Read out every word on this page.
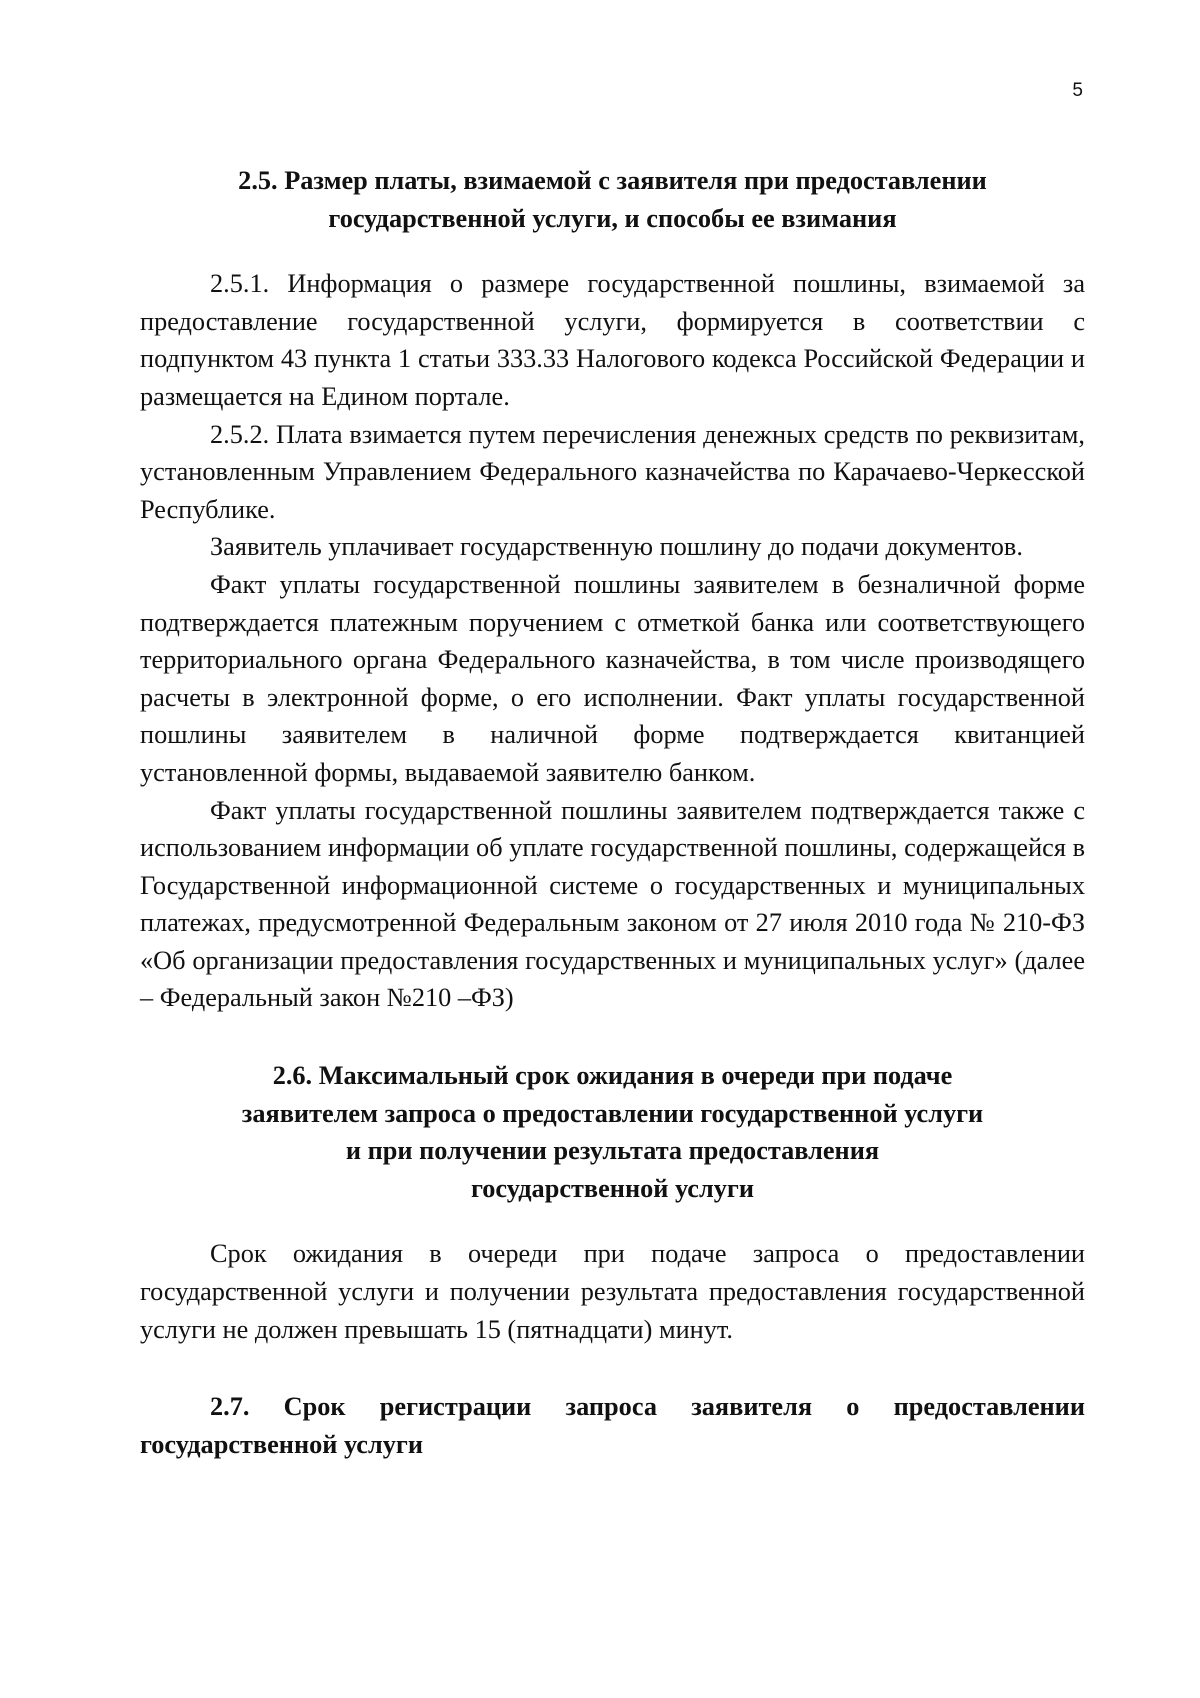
5
2.5. Размер платы, взимаемой с заявителя при предоставлении
государственной услуги, и способы ее взимания

2.5.1. Информация о размере государственной пошлины, взимаемой за предоставление государственной услуги, формируется в соответствии с подпунктом 43 пункта 1 статьи 333.33 Налогового кодекса Российской Федерации и размещается на Едином портале.

2.5.2. Плата взимается путем перечисления денежных средств по реквизитам, установленным Управлением Федерального казначейства по Карачаево-Черкесской Республике.

Заявитель уплачивает государственную пошлину до подачи документов.

Факт уплаты государственной пошлины заявителем в безналичной форме подтверждается платежным поручением с отметкой банка или соответствующего территориального органа Федерального казначейства, в том числе производящего расчеты в электронной форме, о его исполнении. Факт уплаты государственной пошлины заявителем в наличной форме подтверждается квитанцией установленной формы, выдаваемой заявителю банком.

Факт уплаты государственной пошлины заявителем подтверждается также с использованием информации об уплате государственной пошлины, содержащейся в Государственной информационной системе о государственных и муниципальных платежах, предусмотренной Федеральным законом от 27 июля 2010 года № 210-ФЗ «Об организации предоставления государственных и муниципальных услуг» (далее – Федеральный закон №210 –ФЗ)

2.6. Максимальный срок ожидания в очереди при подаче
заявителем запроса о предоставлении государственной услуги
и при получении результата предоставления
государственной услуги

Срок ожидания в очереди при подаче запроса о предоставлении государственной услуги и получении результата предоставления государственной услуги не должен превышать 15 (пятнадцати) минут.

2.7. Срок регистрации запроса заявителя о предоставлении государственной услуги
